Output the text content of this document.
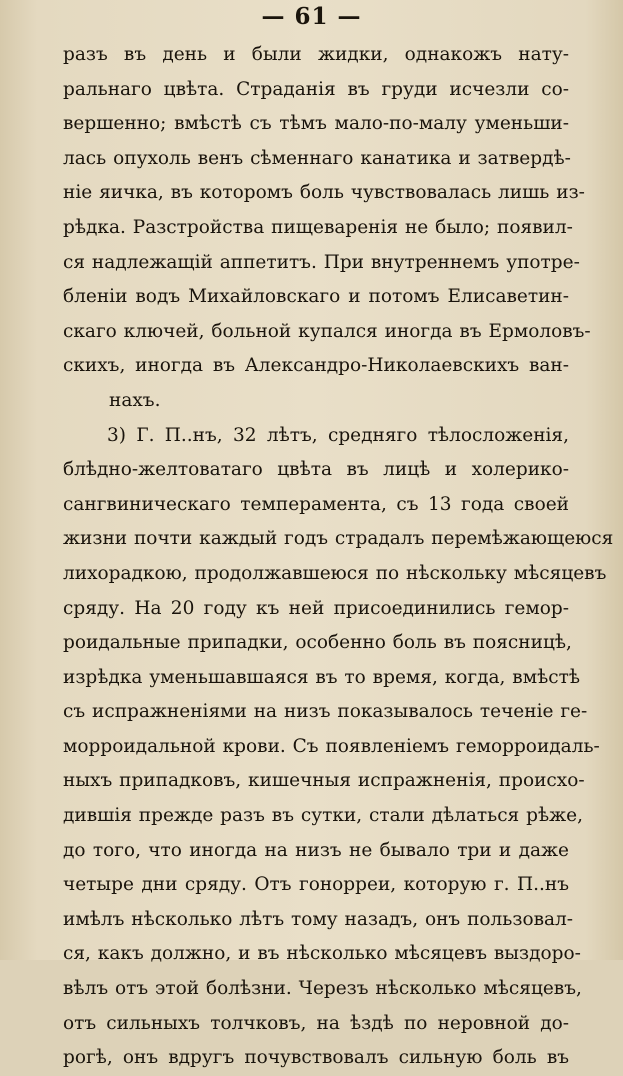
— 61 —
разъ въ день и были жидки, однакожъ нату-
ральнаго цвѣта. Страданія въ груди исчезли со-
вершенно; вмѣстѣ съ тѣмъ мало-по-малу уменьши-
лась опухоль венъ сѣменнаго канатика и затвердѣ-
ніе яичка, въ которомъ боль чувствовалась лишь из-
рѣдка. Разстройства пищеваренія не было; появил-
ся надлежащій аппетитъ. При внутреннемъ употре-
бленіи водъ Михайловскаго и потомъ Елисаветин-
скаго ключей, больной купался иногда въ Ермоловъ-
скихъ, иногда въ Александро-Николаевскихъ ван-
нахъ.
3) Г. П..нъ, 32 лѣтъ, средняго тѣлосложенія,
блѣдно-желтоватаго цвѣта въ лицѣ и холерико-
сангвиническаго темперамента, съ 13 года своей
жизни почти каждый годъ страдалъ перемѣжающеюся
лихорадкою, продолжавшеюся по нѣскольку мѣсяцевъ
сряду. На 20 году къ ней присоединились гемор-
роидальные припадки, особенно боль въ поясницѣ,
изрѣдка уменьшавшаяся въ то время, когда, вмѣстѣ
съ испражненіями на низъ показывалось теченіе ге-
морроидальной крови. Съ появленіемъ геморроидаль-
ныхъ припадковъ, кишечныя испражненія, происхо-
дившія прежде разъ въ сутки, стали дѣлаться рѣже,
до того, что иногда на низъ не бывало три и даже
четыре дни сряду. Отъ гонорреи, которую г. П..нъ
имѣлъ нѣсколько лѣтъ тому назадъ, онъ пользовал-
ся, какъ должно, и въ нѣсколько мѣсяцевъ выздоро-
вѣлъ отъ этой болѣзни. Черезъ нѣсколько мѣсяцевъ,
отъ сильныхъ толчковъ, на ѣздѣ по неровной до-
рогѣ, онъ вдругъ почувствовалъ сильную боль въ
